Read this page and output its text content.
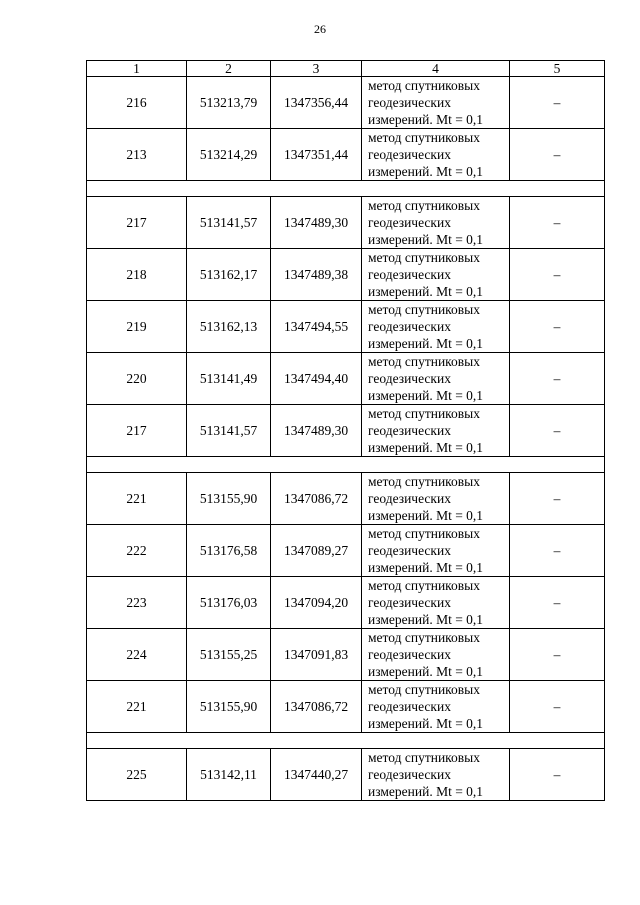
26
1	2	3	4	5
216	513213,79	1347356,44	метод спутниковых
геодезических
измерений. Mt = 0,1	–
213	513214,29	1347351,44	метод спутниковых
геодезических
измерений. Mt = 0,1	–

217	513141,57	1347489,30	метод спутниковых
геодезических
измерений. Mt = 0,1	–
218	513162,17	1347489,38	метод спутниковых
геодезических
измерений. Mt = 0,1	–
219	513162,13	1347494,55	метод спутниковых
геодезических
измерений. Mt = 0,1	–
220	513141,49	1347494,40	метод спутниковых
геодезических
измерений. Mt = 0,1	–
217	513141,57	1347489,30	метод спутниковых
геодезических
измерений. Mt = 0,1	–

221	513155,90	1347086,72	метод спутниковых
геодезических
измерений. Mt = 0,1	–
222	513176,58	1347089,27	метод спутниковых
геодезических
измерений. Mt = 0,1	–
223	513176,03	1347094,20	метод спутниковых
геодезических
измерений. Mt = 0,1	–
224	513155,25	1347091,83	метод спутниковых
геодезических
измерений. Mt = 0,1	–
221	513155,90	1347086,72	метод спутниковых
геодезических
измерений. Mt = 0,1	–

225	513142,11	1347440,27	метод спутниковых
геодезических
измерений. Mt = 0,1	–
